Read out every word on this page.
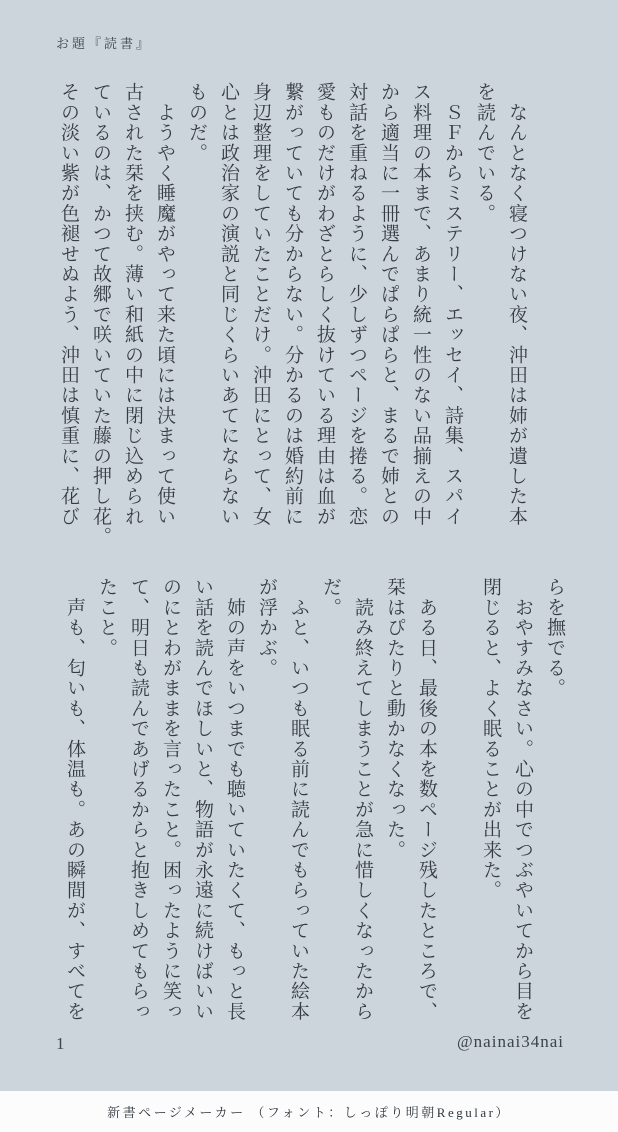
お題『読書』
　なんとなく寝つけない夜、沖田は姉が遺した本
を読んでいる。
　ＳＦからミステリー、エッセイ、詩集、スパイ
ス料理の本まで、あまり統一性のない品揃えの中
から適当に一冊選んでぱらぱらと、まるで姉との
対話を重ねるように、少しずつページを捲る。恋
愛ものだけがわざとらしく抜けている理由は血が
繋がっていても分からない。分かるのは婚約前に
身辺整理をしていたことだけ。沖田にとって、女
心とは政治家の演説と同じくらいあてにならない
ものだ。
　ようやく睡魔がやって来た頃には決まって使い
古された栞を挟む。薄い和紙の中に閉じ込められ
ているのは、かつて故郷で咲いていた藤の押し花。
その淡い紫が色褪せぬよう、沖田は慎重に、花び
らを撫でる。
　おやすみなさい。心の中でつぶやいてから目を
閉じると、よく眠ることが出来た。
　ある日、最後の本を数ページ残したところで、
栞はぴたりと動かなくなった。
　読み終えてしまうことが急に惜しくなったから
だ。
　ふと、いつも眠る前に読んでもらっていた絵本
が浮かぶ。
　姉の声をいつまでも聴いていたくて、もっと長
い話を読んでほしいと、物語が永遠に続けばいい
のにとわがままを言ったこと。困ったように笑っ
て、明日も読んであげるからと抱きしめてもらっ
たこと。
　声も、匂いも、体温も。あの瞬間が、すべてを
1	@nainai34nai
新書ページメーカー （フォント：しっぽり明朝Regular）
